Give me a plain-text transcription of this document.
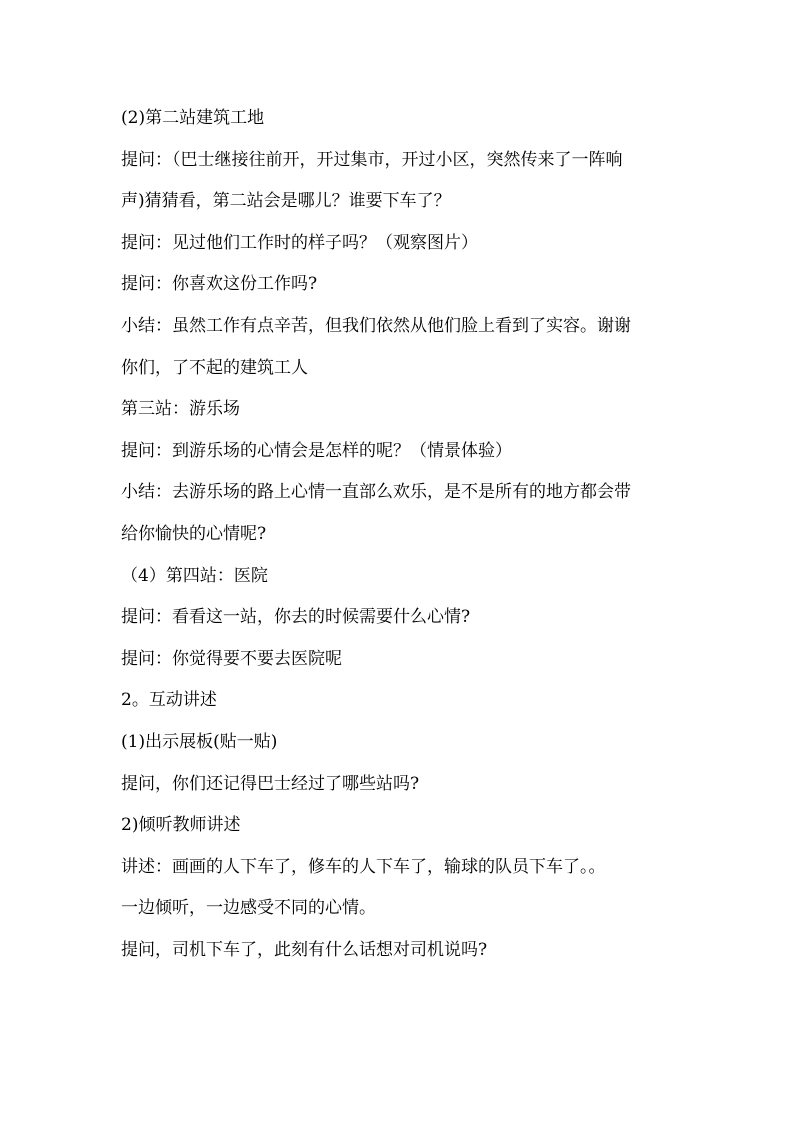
(2)第二站建筑工地

提问：（巴士继接往前开，开过集市，开过小区，突然传来了一阵响

声)猜猜看，第二站会是哪儿？谁要下车了？

提问：见过他们工作时的样子吗？（观察图片）

提问：你喜欢这份工作吗?

小结：虽然工作有点辛苦，但我们依然从他们脸上看到了实容。谢谢

你们，了不起的建筑工人

第三站：游乐场

提问：到游乐场的心情会是怎样的呢？（情景体验）

小结：去游乐场的路上心情一直部么欢乐，是不是所有的地方都会带

给你愉快的心情呢?

（4）第四站：医院

提问：看看这一站，你去的时候需要什么心情?

提问：你觉得要不要去医院呢

2。互动讲述

(1)出示展板(贴一贴)

提问，你们还记得巴士经过了哪些站吗?

2)倾听教师讲述

讲述：画画的人下车了，修车的人下车了，输球的队员下车了。。

一边倾听，一边感受不同的心情。

提问，司机下车了，此刻有什么话想对司机说吗?
